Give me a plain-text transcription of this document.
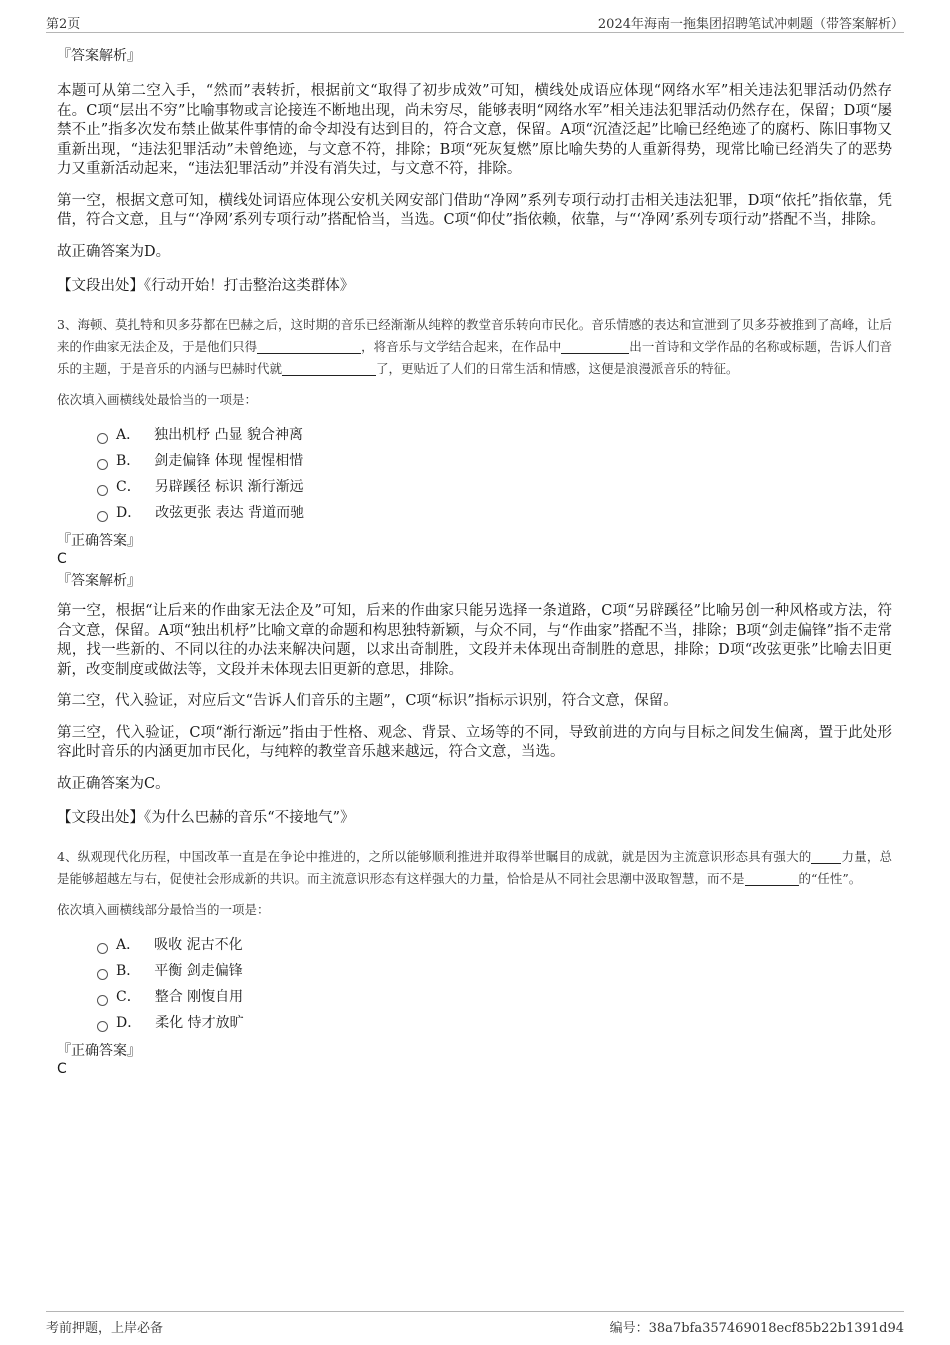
第2页	2024年海南一拖集团招聘笔试冲刺题（带答案解析）
『答案解析』

本题可从第二空入手，“然而”表转折，根据前文“取得了初步成效”可知，横线处成语应体现“网络水军”相关违法犯罪活动仍然存在。C项“层出不穷”比喻事物或言论接连不断地出现，尚未穷尽，能够表明“网络水军”相关违法犯罪活动仍然存在，保留；D项“屡禁不止”指多次发布禁止做某件事情的命令却没有达到目的，符合文意，保留。A项“沉渣泛起”比喻已经绝迹了的腐朽、陈旧事物又重新出现，“违法犯罪活动”未曾绝迹，与文意不符，排除；B项“死灰复燃”原比喻失势的人重新得势，现常比喻已经消失了的恶势力又重新活动起来，“违法犯罪活动”并没有消失过，与文意不符，排除。

第一空，根据文意可知，横线处词语应体现公安机关网安部门借助“净网”系列专项行动打击相关违法犯罪，D项“依托”指依靠，凭借，符合文意，且与“‘净网’系列专项行动”搭配恰当，当选。C项“仰仗”指依赖，依靠，与“‘净网’系列专项行动”搭配不当，排除。

故正确答案为D。

【文段出处】《行动开始！打击整治这类群体》

3、海顿、莫扎特和贝多芬都在巴赫之后，这时期的音乐已经渐渐从纯粹的教堂音乐转向市民化。音乐情感的表达和宣泄到了贝多芬被推到了高峰，让后来的作曲家无法企及，于是他们只得	，将音乐与文学结合起来，在作品中	出一首诗和文学作品的名称或标题，告诉人们音乐的主题，于是音乐的内涵与巴赫时代就	了，更贴近了人们的日常生活和情感，这便是浪漫派音乐的特征。

依次填入画横线处最恰当的一项是：
A． 独出机杼 凸显 貌合神离
B． 剑走偏锋 体现 惺惺相惜
C． 另辟蹊径 标识 渐行渐远
D． 改弦更张 表达 背道而驰
『正确答案』
C
『答案解析』

第一空，根据“让后来的作曲家无法企及”可知，后来的作曲家只能另选择一条道路，C项“另辟蹊径”比喻另创一种风格或方法，符合文意，保留。A项“独出机杼”比喻文章的命题和构思独特新颖，与众不同，与“作曲家”搭配不当，排除；B项“剑走偏锋”指不走常规，找一些新的、不同以往的办法来解决问题，以求出奇制胜，文段并未体现出奇制胜的意思，排除；D项“改弦更张”比喻去旧更新，改变制度或做法等，文段并未体现去旧更新的意思，排除。

第二空，代入验证，对应后文“告诉人们音乐的主题”，C项“标识”指标示识别，符合文意，保留。

第三空，代入验证，C项“渐行渐远”指由于性格、观念、背景、立场等的不同，导致前进的方向与目标之间发生偏离，置于此处形容此时音乐的内涵更加市民化，与纯粹的教堂音乐越来越远，符合文意，当选。

故正确答案为C。

【文段出处】《为什么巴赫的音乐“不接地气”》

4、纵观现代化历程，中国改革一直是在争论中推进的，之所以能够顺利推进并取得举世瞩目的成就，就是因为主流意识形态具有强大的 力量，总是能够超越左与右，促使社会形成新的共识。而主流意识形态有这样强大的力量，恰恰是从不同社会思潮中汲取智慧，而不是	的“任性”。

依次填入画横线部分最恰当的一项是：
A． 吸收 泥古不化
B． 平衡 剑走偏锋
C． 整合 刚愎自用
D． 柔化 恃才放旷
『正确答案』
C
考前押题，上岸必备	编号：38a7bfa357469018ecf85b22b1391d94
